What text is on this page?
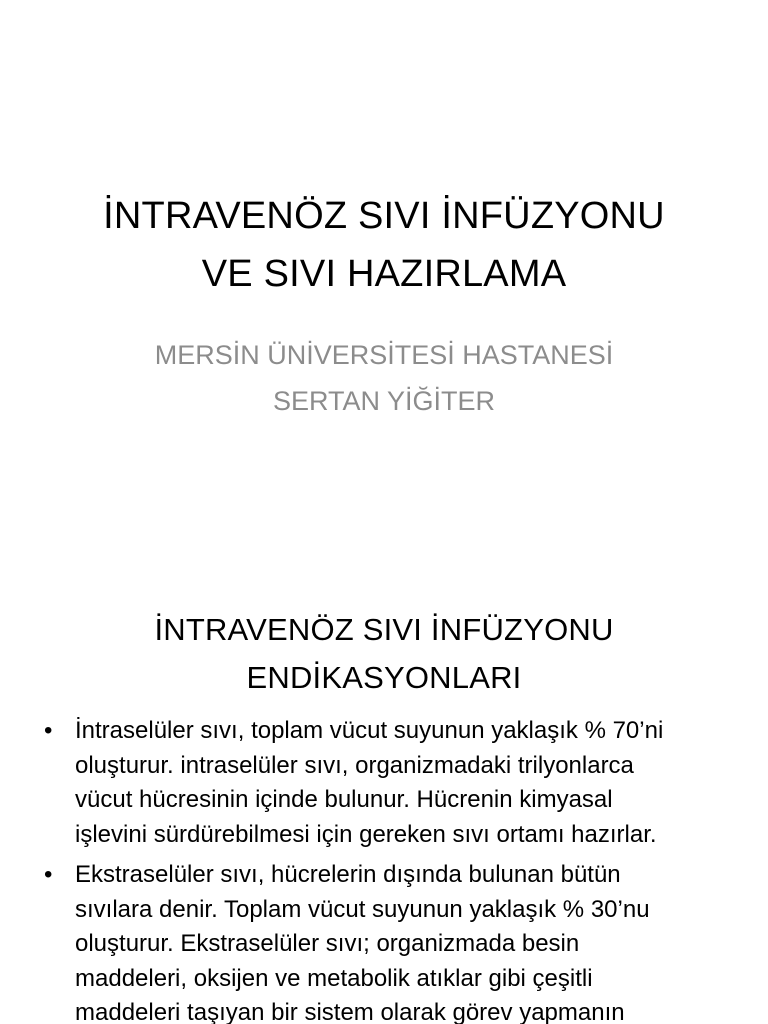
İNTRAVENÖZ SIVI İNFÜZYONU
VE SIVI HAZIRLAMA
MERSİN ÜNİVERSİTESİ HASTANESİ
SERTAN YİĞİTER
İNTRAVENÖZ SIVI İNFÜZYONU
ENDİKASYONLARI
• İntraselüler sıvı, toplam vücut suyunun yaklaşık % 70’ni
oluşturur. intraselüler sıvı, organizmadaki trilyonlarca
vücut hücresinin içinde bulunur. Hücrenin kimyasal
işlevini sürdürebilmesi için gereken sıvı ortamı hazırlar.
• Ekstraselüler sıvı, hücrelerin dışında bulunan bütün
sıvılara denir. Toplam vücut suyunun yaklaşık % 30’nu
oluşturur. Ekstraselüler sıvı; organizmada besin
maddeleri, oksijen ve metabolik atıklar gibi çeşitli
maddeleri taşıyan bir sistem olarak görev yapmanın
